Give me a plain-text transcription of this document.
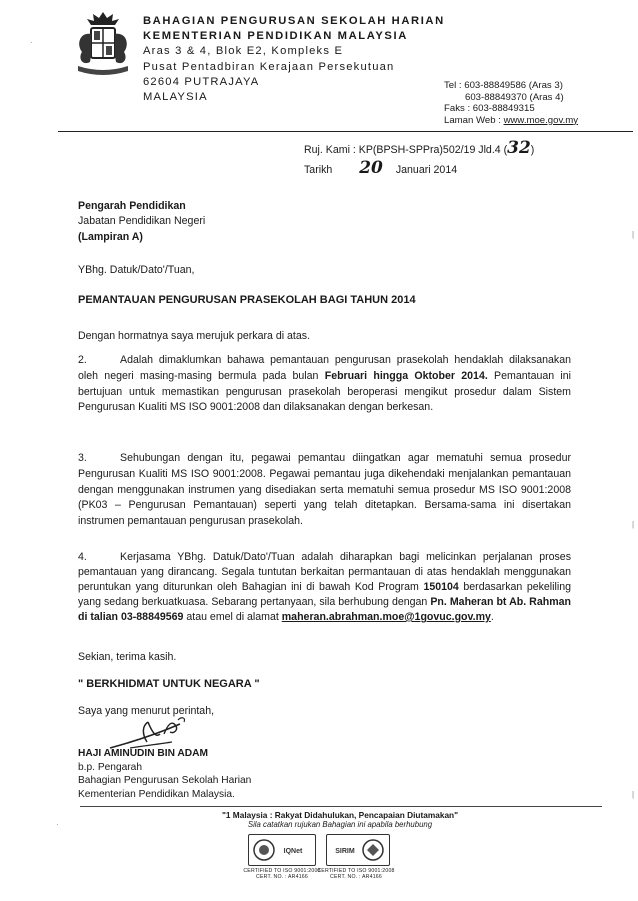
BAHAGIAN PENGURUSAN SEKOLAH HARIAN
KEMENTERIAN PENDIDIKAN MALAYSIA
Aras 3 & 4, Blok E2, Kompleks E
Pusat Pentadbiran Kerajaan Persekutuan
62604 PUTRAJAYA
MALAYSIA
Tel : 603-88849586 (Aras 3)
603-88849370 (Aras 4)
Faks : 603-88849315
Laman Web : www.moe.gov.my
Ruj. Kami : KP(BPSH-SPPra)502/19 Jld.4 (32)
Tarikh 20 Januari 2014
Pengarah Pendidikan
Jabatan Pendidikan Negeri
(Lampiran A)
YBhg. Datuk/Dato'/Tuan,
PEMANTAUAN PENGURUSAN PRASEKOLAH BAGI TAHUN 2014
Dengan hormatnya saya merujuk perkara di atas.
2.	Adalah dimaklumkan bahawa pemantauan pengurusan prasekolah hendaklah dilaksanakan oleh negeri masing-masing bermula pada bulan Februari hingga Oktober 2014. Pemantauan ini bertujuan untuk memastikan pengurusan prasekolah beroperasi mengikut prosedur dalam Sistem Pengurusan Kualiti MS ISO 9001:2008 dan dilaksanakan dengan berkesan.
3.	Sehubungan dengan itu, pegawai pemantau diingatkan agar mematuhi semua prosedur Pengurusan Kualiti MS ISO 9001:2008. Pegawai pemantau juga dikehendaki menjalankan pemantauan dengan menggunakan instrumen yang disediakan serta mematuhi semua prosedur MS ISO 9001:2008 (PK03 – Pengurusan Pemantauan) seperti yang telah ditetapkan. Bersama-sama ini disertakan instrumen pemantauan pengurusan prasekolah.
4.	Kerjasama YBhg. Datuk/Dato'/Tuan adalah diharapkan bagi melicinkan perjalanan proses pemantauan yang dirancang. Segala tuntutan berkaitan permantauan di atas hendaklah menggunakan peruntukan yang diturunkan oleh Bahagian ini di bawah Kod Program 150104 berdasarkan pekeliling yang sedang berkuatkuasa. Sebarang pertanyaan, sila berhubung dengan Pn. Maheran bt Ab. Rahman di talian 03-88849569 atau emel di alamat maheran.abrahman.moe@1govuc.gov.my.
Sekian, terima kasih.
" BERKHIDMAT UNTUK NEGARA "
Saya yang menurut perintah,
HAJI AMINUDIN BIN ADAM
b.p. Pengarah
Bahagian Pengurusan Sekolah Harian
Kementerian Pendidikan Malaysia.
"1 Malaysia : Rakyat Didahulukan, Pencapaian Diutamakan"
Sila catatkan rujukan Bahagian ini apabila berhubung
IQNet	SIRIM
CERTIFIED TO ISO 9001:2008
CERT. NO. : AR4166
CERTIFIED TO ISO 9001:2008
CERT. NO. : AR4166
·
·
|
|
|
